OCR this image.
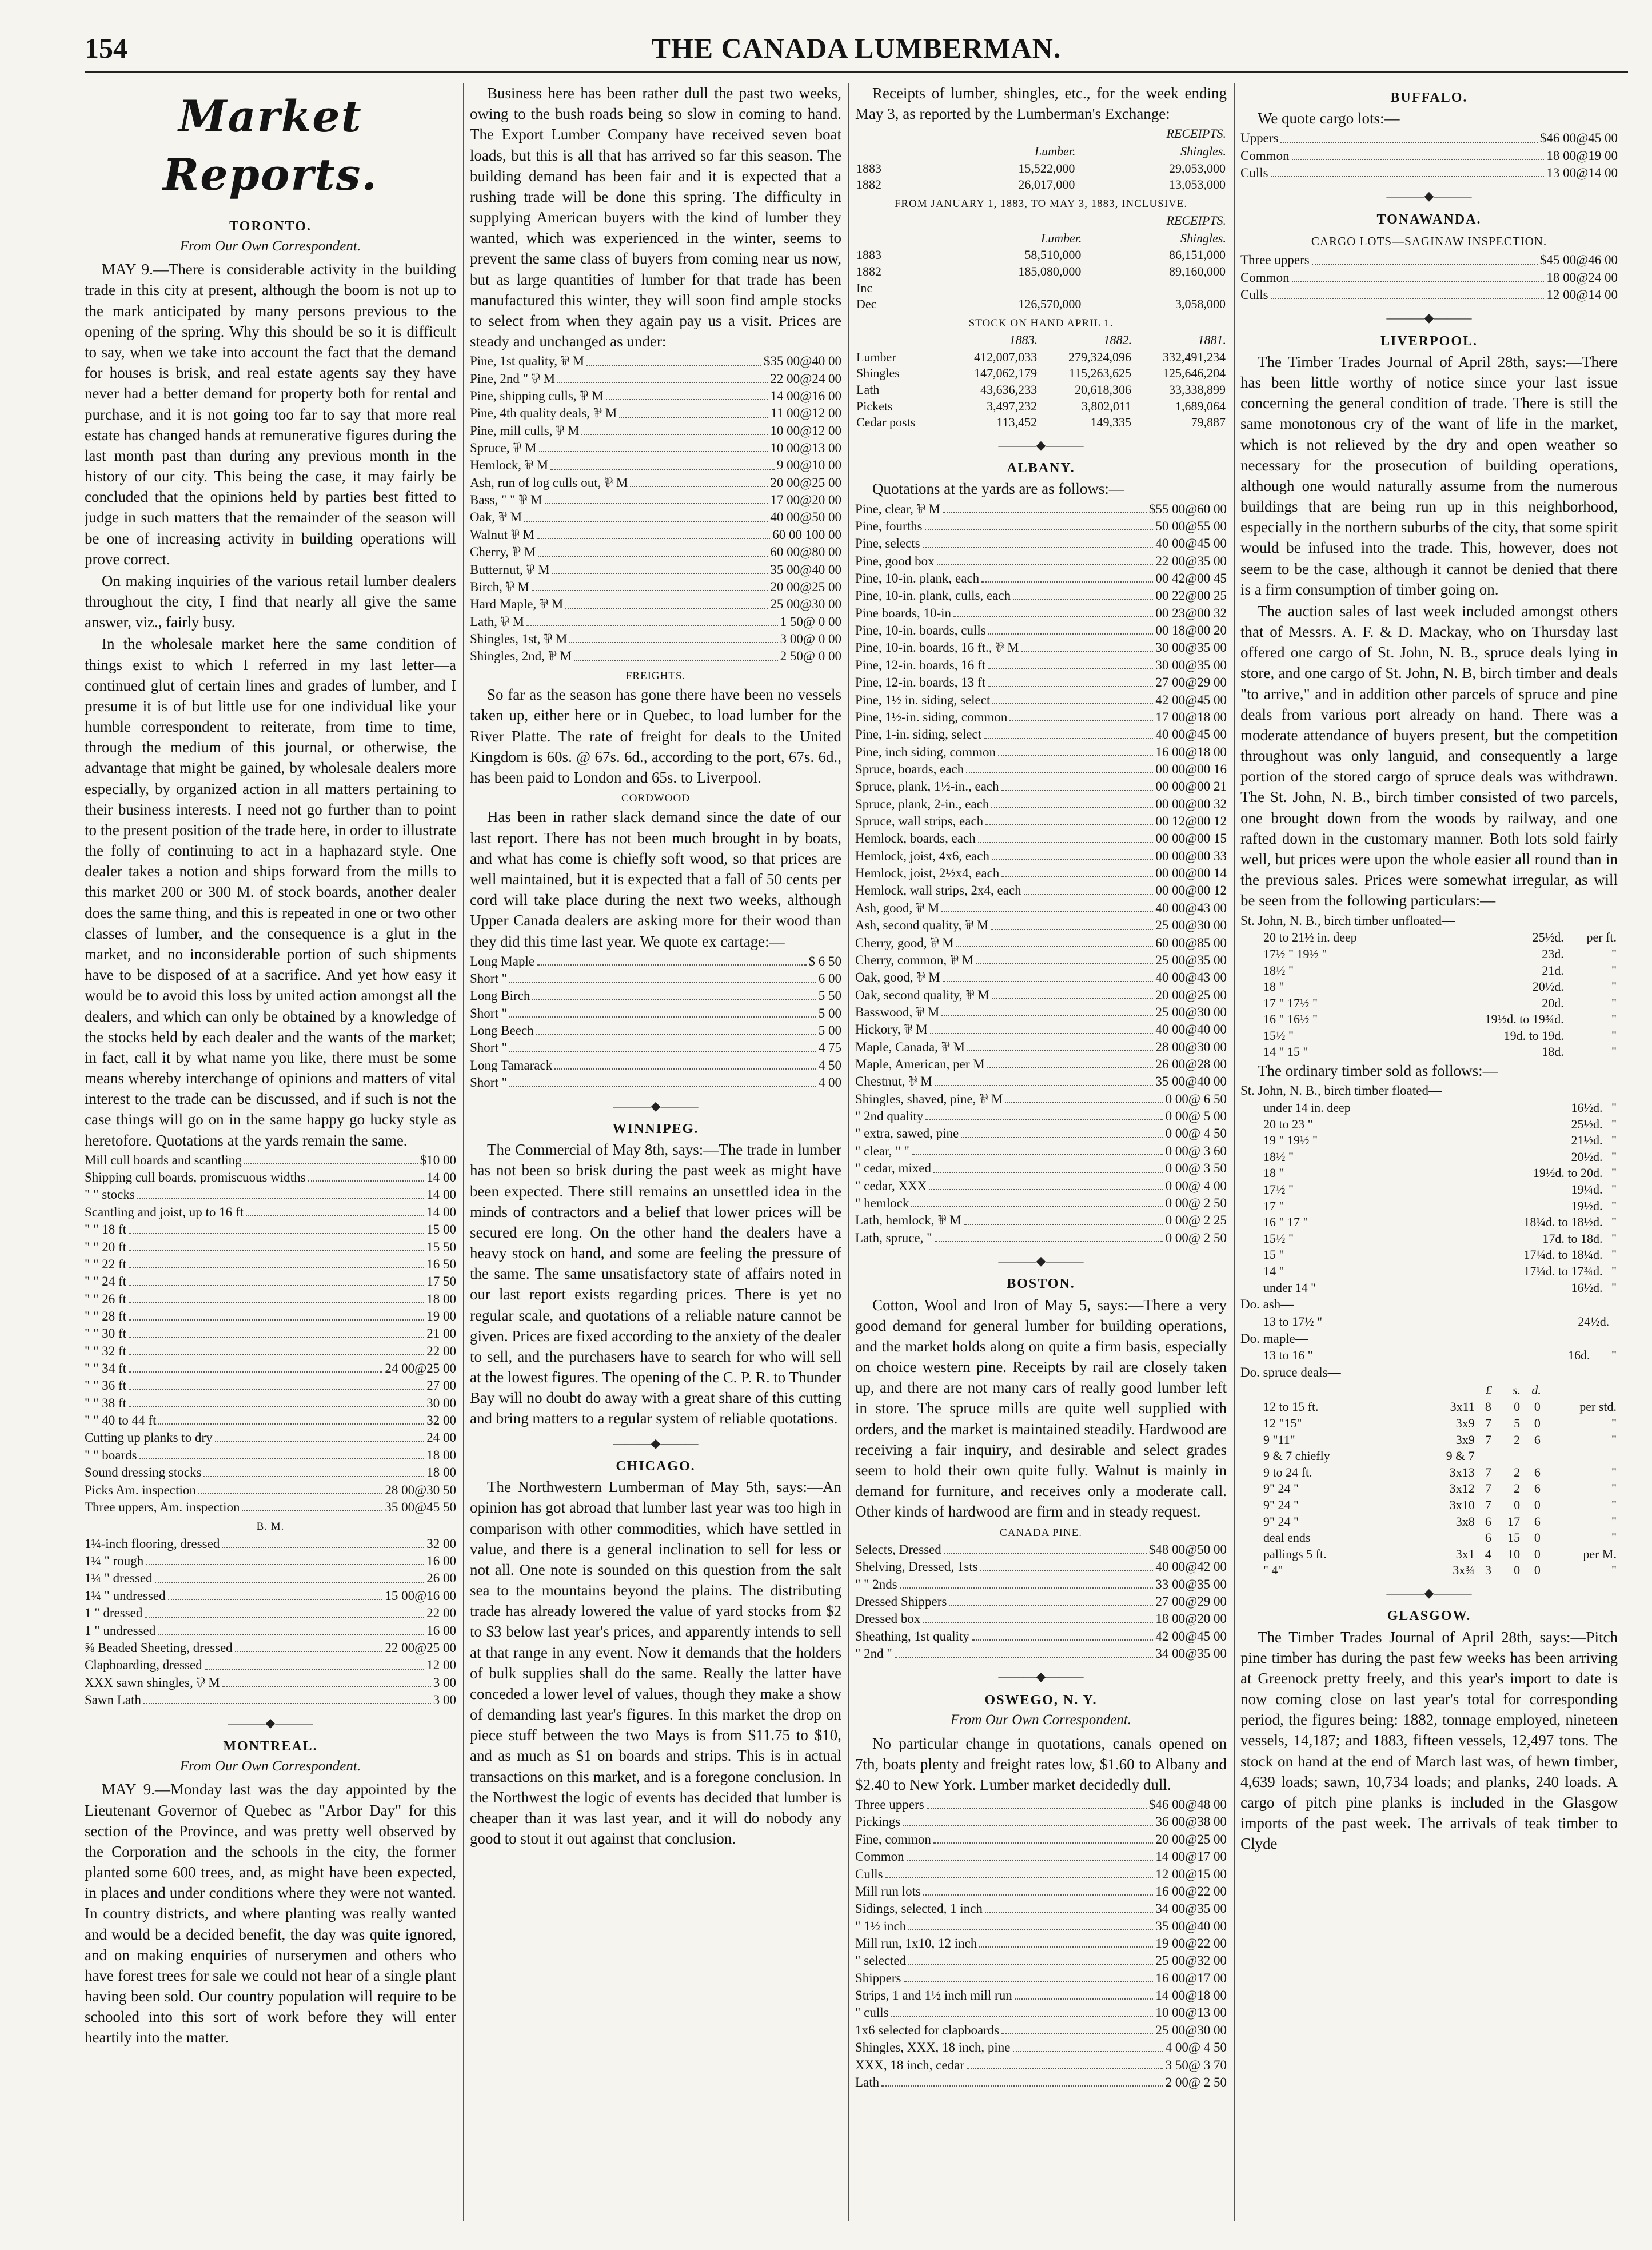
154	THE CANADA LUMBERMAN.
Market Reports.
TORONTO.
From Our Own Correspondent.

MAY 9.—There is considerable activity in the building trade in this city at present, although the boom is not up to the mark anticipated by many persons previous to the opening of the spring. Why this should be so it is difficult to say, when we take into account the fact that the demand for houses is brisk, and real estate agents say they have never had a better demand for property both for rental and purchase, and it is not going too far to say that more real estate has changed hands at remunerative figures during the last month past than during any previous month in the history of our city. This being the case, it may fairly be concluded that the opinions held by parties best fitted to judge in such matters that the remainder of the season will be one of increasing activity in building operations will prove correct.

On making inquiries of the various retail lumber dealers throughout the city, I find that nearly all give the same answer, viz., fairly busy.

In the wholesale market here the same condition of things exist to which I referred in my last letter—a continued glut of certain lines and grades of lumber, and I presume it is of but little use for one individual like your humble correspondent to reiterate, from time to time, through the medium of this journal, or otherwise, the advantage that might be gained, by wholesale dealers more especially, by organized action in all matters pertaining to their business interests. I need not go further than to point to the present position of the trade here, in order to illustrate the folly of continuing to act in a haphazard style. One dealer takes a notion and ships forward from the mills to this market 200 or 300 M. of stock boards, another dealer does the same thing, and this is repeated in one or two other classes of lumber, and the consequence is a glut in the market, and no inconsiderable portion of such shipments have to be disposed of at a sacrifice. And yet how easy it would be to avoid this loss by united action amongst all the dealers, and which can only be obtained by a knowledge of the stocks held by each dealer and the wants of the market; in fact, call it by what name you like, there must be some means whereby interchange of opinions and matters of vital interest to the trade can be discussed, and if such is not the case things will go on in the same happy go lucky style as heretofore. Quotations at the yards remain the same.

Mill cull boards and scantling	$10 00
Shipping cull boards, promiscuous widths	14 00
" " stocks	14 00
Scantling and joist, up to 16 ft	14 00
" " 18 ft	15 00
" " 20 ft	15 50
" " 22 ft	16 50
" " 24 ft	17 50
" " 26 ft	18 00
" " 28 ft	19 00
" " 30 ft	21 00
" " 32 ft	22 00
" " 34 ft	24 00@25 00
" " 36 ft	27 00
" " 38 ft	30 00
" " 40 to 44 ft	32 00
Cutting up planks to dry	24 00
" " boards	18 00
Sound dressing stocks	18 00
Picks Am. inspection	28 00@30 50
Three uppers, Am. inspection	35 00@45 50
B. M.
1¼-inch flooring, dressed	32 00
1¼ " rough	16 00
1¼ " dressed	26 00
1¼ " undressed	15 00@16 00
1 " dressed	22 00
1 " undressed	16 00
⅝ Beaded Sheeting, dressed	22 00@25 00
Clapboarding, dressed	12 00
XXX sawn shingles, ⅌ M	3 00
Sawn Lath	3 00
———◆———
MONTREAL.
From Our Own Correspondent.

MAY 9.—Monday last was the day appointed by the Lieutenant Governor of Quebec as "Arbor Day" for this section of the Province, and was pretty well observed by the Corporation and the schools in the city, the former planted some 600 trees, and, as might have been expected, in places and under conditions where they were not wanted. In country districts, and where planting was really wanted and would be a decided benefit, the day was quite ignored, and on making enquiries of nurserymen and others who have forest trees for sale we could not hear of a single plant having been sold. Our country population will require to be schooled into this sort of work before they will enter heartily into the matter.

Business here has been rather dull the past two weeks, owing to the bush roads being so slow in coming to hand. The Export Lumber Company have received seven boat loads, but this is all that has arrived so far this season. The building demand has been fair and it is expected that a rushing trade will be done this spring. The difficulty in supplying American buyers with the kind of lumber they wanted, which was experienced in the winter, seems to prevent the same class of buyers from coming near us now, but as large quantities of lumber for that trade has been manufactured this winter, they will soon find ample stocks to select from when they again pay us a visit. Prices are steady and unchanged as under:

Pine, 1st quality, ⅌ M	$35 00@40 00
Pine, 2nd " ⅌ M	22 00@24 00
Pine, shipping culls, ⅌ M	14 00@16 00
Pine, 4th quality deals, ⅌ M	11 00@12 00
Pine, mill culls, ⅌ M	10 00@12 00
Spruce, ⅌ M	10 00@13 00
Hemlock, ⅌ M	9 00@10 00
Ash, run of log culls out, ⅌ M	20 00@25 00
Bass, " " ⅌ M	17 00@20 00
Oak, ⅌ M	40 00@50 00
Walnut ⅌ M	60 00 100 00
Cherry, ⅌ M	60 00@80 00
Butternut, ⅌ M	35 00@40 00
Birch, ⅌ M	20 00@25 00
Hard Maple, ⅌ M	25 00@30 00
Lath, ⅌ M	1 50@ 0 00
Shingles, 1st, ⅌ M	3 00@ 0 00
Shingles, 2nd, ⅌ M	2 50@ 0 00
FREIGHTS.

So far as the season has gone there have been no vessels taken up, either here or in Quebec, to load lumber for the River Platte. The rate of freight for deals to the United Kingdom is 60s. @ 67s. 6d., according to the port, 67s. 6d., has been paid to London and 65s. to Liverpool.

CORDWOOD

Has been in rather slack demand since the date of our last report. There has not been much brought in by boats, and what has come is chiefly soft wood, so that prices are well maintained, but it is expected that a fall of 50 cents per cord will take place during the next two weeks, although Upper Canada dealers are asking more for their wood than they did this time last year. We quote ex cartage:—

Long Maple	$ 6 50
Short "	6 00
Long Birch	5 50
Short "	5 00
Long Beech	5 00
Short "	4 75
Long Tamarack	4 50
Short "	4 00
———◆———
WINNIPEG.

The Commercial of May 8th, says:—The trade in lumber has not been so brisk during the past week as might have been expected. There still remains an unsettled idea in the minds of contractors and a belief that lower prices will be secured ere long. On the other hand the dealers have a heavy stock on hand, and some are feeling the pressure of the same. The same unsatisfactory state of affairs noted in our last report exists regarding prices. There is yet no regular scale, and quotations of a reliable nature cannot be given. Prices are fixed according to the anxiety of the dealer to sell, and the purchasers have to search for who will sell at the lowest figures. The opening of the C. P. R. to Thunder Bay will no doubt do away with a great share of this cutting and bring matters to a regular system of reliable quotations.

———◆———
CHICAGO.

The Northwestern Lumberman of May 5th, says:—An opinion has got abroad that lumber last year was too high in comparison with other commodities, which have settled in value, and there is a general inclination to sell for less or not all. One note is sounded on this question from the salt sea to the mountains beyond the plains. The distributing trade has already lowered the value of yard stocks from $2 to $3 below last year's prices, and apparently intends to sell at that range in any event. Now it demands that the holders of bulk supplies shall do the same. Really the latter have conceded a lower level of values, though they make a show of demanding last year's figures. In this market the drop on piece stuff between the two Mays is from $11.75 to $10, and as much as $1 on boards and strips. This is in actual transactions on this market, and is a foregone conclusion. In the Northwest the logic of events has decided that lumber is cheaper than it was last year, and it will do nobody any good to stout it out against that conclusion.

Receipts of lumber, shingles, etc., for the week ending May 3, as reported by the Lumberman's Exchange:

	RECEIPTS.	
	Lumber.	Shingles.
1883	15,522,000	29,053,000
1882	26,017,000	13,053,000
FROM JANUARY 1, 1883, TO MAY 3, 1883, INCLUSIVE.
	RECEIPTS.	
	Lumber.	Shingles.
1883	58,510,000	86,151,000
1882	185,080,000	89,160,000
Inc		
Dec	126,570,000	3,058,000
STOCK ON HAND APRIL 1.
	1883.	1882.	1881.
Lumber	412,007,033	279,324,096	332,491,234
Shingles	147,062,179	115,263,625	125,646,204
Lath	43,636,233	20,618,306	33,338,899
Pickets	3,497,232	3,802,011	1,689,064
Cedar posts	113,452	149,335	79,887
———◆———
ALBANY.

Quotations at the yards are as follows:—

Pine, clear, ⅌ M	$55 00@60 00
Pine, fourths	50 00@55 00
Pine, selects	40 00@45 00
Pine, good box	22 00@35 00
Pine, 10-in. plank, each	00 42@00 45
Pine, 10-in. plank, culls, each	00 22@00 25
Pine boards, 10-in	00 23@00 32
Pine, 10-in. boards, culls	00 18@00 20
Pine, 10-in. boards, 16 ft., ⅌ M	30 00@35 00
Pine, 12-in. boards, 16 ft	30 00@35 00
Pine, 12-in. boards, 13 ft	27 00@29 00
Pine, 1½ in. siding, select	42 00@45 00
Pine, 1½-in. siding, common	17 00@18 00
Pine, 1-in. siding, select	40 00@45 00
Pine, inch siding, common	16 00@18 00
Spruce, boards, each	00 00@00 16
Spruce, plank, 1½-in., each	00 00@00 21
Spruce, plank, 2-in., each	00 00@00 32
Spruce, wall strips, each	00 12@00 12
Hemlock, boards, each	00 00@00 15
Hemlock, joist, 4x6, each	00 00@00 33
Hemlock, joist, 2½x4, each	00 00@00 14
Hemlock, wall strips, 2x4, each	00 00@00 12
Ash, good, ⅌ M	40 00@43 00
Ash, second quality, ⅌ M	25 00@30 00
Cherry, good, ⅌ M	60 00@85 00
Cherry, common, ⅌ M	25 00@35 00
Oak, good, ⅌ M	40 00@43 00
Oak, second quality, ⅌ M	20 00@25 00
Basswood, ⅌ M	25 00@30 00
Hickory, ⅌ M	40 00@40 00
Maple, Canada, ⅌ M	28 00@30 00
Maple, American, per M	26 00@28 00
Chestnut, ⅌ M	35 00@40 00
Shingles, shaved, pine, ⅌ M	0 00@ 6 50
" 2nd quality	0 00@ 5 00
" extra, sawed, pine	0 00@ 4 50
" clear, " "	0 00@ 3 60
" cedar, mixed	0 00@ 3 50
" cedar, XXX	0 00@ 4 00
" hemlock	0 00@ 2 50
Lath, hemlock, ⅌ M	0 00@ 2 25
Lath, spruce, "	0 00@ 2 50
———◆———
BOSTON.

Cotton, Wool and Iron of May 5, says:—There a very good demand for general lumber for building operations, and the market holds along on quite a firm basis, especially on choice western pine. Receipts by rail are closely taken up, and there are not many cars of really good lumber left in store. The spruce mills are quite well supplied with orders, and the market is maintained steadily. Hardwood are receiving a fair inquiry, and desirable and select grades seem to hold their own quite fully. Walnut is mainly in demand for furniture, and receives only a moderate call. Other kinds of hardwood are firm and in steady request.

CANADA PINE.
Selects, Dressed	$48 00@50 00
Shelving, Dressed, 1sts	40 00@42 00
" " 2nds	33 00@35 00
Dressed Shippers	27 00@29 00
Dressed box	18 00@20 00
Sheathing, 1st quality	42 00@45 00
" 2nd "	34 00@35 00
———◆———
OSWEGO, N. Y.
From Our Own Correspondent.

No particular change in quotations, canals opened on 7th, boats plenty and freight rates low, $1.60 to Albany and $2.40 to New York. Lumber market decidedly dull.

Three uppers	$46 00@48 00
Pickings	36 00@38 00
Fine, common	20 00@25 00
Common	14 00@17 00
Culls	12 00@15 00
Mill run lots	16 00@22 00
Sidings, selected, 1 inch	34 00@35 00
" 1½ inch	35 00@40 00
Mill run, 1x10, 12 inch	19 00@22 00
" selected	25 00@32 00
Shippers	16 00@17 00
Strips, 1 and 1½ inch mill run	14 00@18 00
" culls	10 00@13 00
1x6 selected for clapboards	25 00@30 00
Shingles, XXX, 18 inch, pine	4 00@ 4 50
XXX, 18 inch, cedar	3 50@ 3 70
Lath	2 00@ 2 50
BUFFALO.

We quote cargo lots:—

Uppers	$46 00@45 00
Common	18 00@19 00
Culls	13 00@14 00
———◆———
TONAWANDA.
CARGO LOTS—SAGINAW INSPECTION.
Three uppers	$45 00@46 00
Common	18 00@24 00
Culls	12 00@14 00
———◆———
LIVERPOOL.

The Timber Trades Journal of April 28th, says:—There has been little worthy of notice since your last issue concerning the general condition of trade. There is still the same monotonous cry of the want of life in the market, which is not relieved by the dry and open weather so necessary for the prosecution of building operations, although one would naturally assume from the numerous buildings that are being run up in this neighborhood, especially in the northern suburbs of the city, that some spirit would be infused into the trade. This, however, does not seem to be the case, although it cannot be denied that there is a firm consumption of timber going on.

The auction sales of last week included amongst others that of Messrs. A. F. & D. Mackay, who on Thursday last offered one cargo of St. John, N. B., spruce deals lying in store, and one cargo of St. John, N. B, birch timber and deals "to arrive," and in addition other parcels of spruce and pine deals from various port already on hand. There was a moderate attendance of buyers present, but the competition throughout was only languid, and consequently a large portion of the stored cargo of spruce deals was withdrawn. The St. John, N. B., birch timber consisted of two parcels, one brought down from the woods by railway, and one rafted down in the customary manner. Both lots sold fairly well, but prices were upon the whole easier all round than in the previous sales. Prices were somewhat irregular, as will be seen from the following particulars:—

St. John, N. B., birch timber unfloated—

20 to 21½ in. deep	25½d.	per ft.
17½ " 19½ "	23d.	"
18½ "	21d.	"
18 "	20½d.	"
17 " 17½ "	20d.	"
16 " 16½ "	19½d. to 19¾d.	"
15½ "	19d. to 19d.	"
14 " 15 "	18d.	"

The ordinary timber sold as follows:—

St. John, N. B., birch timber floated—

under 14 in. deep	16½d.	"
20 to 23 "	25½d.	"
19 " 19½ "	21½d.	"
18½ "	20½d.	"
18 "	19½d. to 20d.	"
17½ "	19¼d.	"
17 "	19½d.	"
16 " 17 "	18¼d. to 18½d.	"
15½ "	17d. to 18d.	"
15 "	17¼d. to 18¼d.	"
14 "	17¼d. to 17¾d.	"
under 14 "	16½d.	"

Do. ash—

13 to 17½ "	24½d.	

Do. maple—

13 to 16 "	16d.	"

Do. spruce deals—

		£	s.	d.	
12 to 15 ft.	3x11	8	0	0	per std.
12 "15"	3x9	7	5	0	"
9 "11"	3x9	7	2	6	"
9 & 7 chiefly	9 & 7				
9 to 24 ft.	3x13	7	2	6	"
9" 24 "	3x12	7	2	6	"
9" 24 "	3x10	7	0	0	"
9" 24 "	3x8	6	17	6	"
deal ends		6	15	0	"
pallings 5 ft.	3x1	4	10	0	per M.
" 4"	3x¾	3	0	0	"
———◆———
GLASGOW.

The Timber Trades Journal of April 28th, says:—Pitch pine timber has during the past few weeks has been arriving at Greenock pretty freely, and this year's import to date is now coming close on last year's total for corresponding period, the figures being: 1882, tonnage employed, nineteen vessels, 14,187; and 1883, fifteen vessels, 12,497 tons. The stock on hand at the end of March last was, of hewn timber, 4,639 loads; sawn, 10,734 loads; and planks, 240 loads. A cargo of pitch pine planks is included in the Glasgow imports of the past week. The arrivals of teak timber to Clyde
